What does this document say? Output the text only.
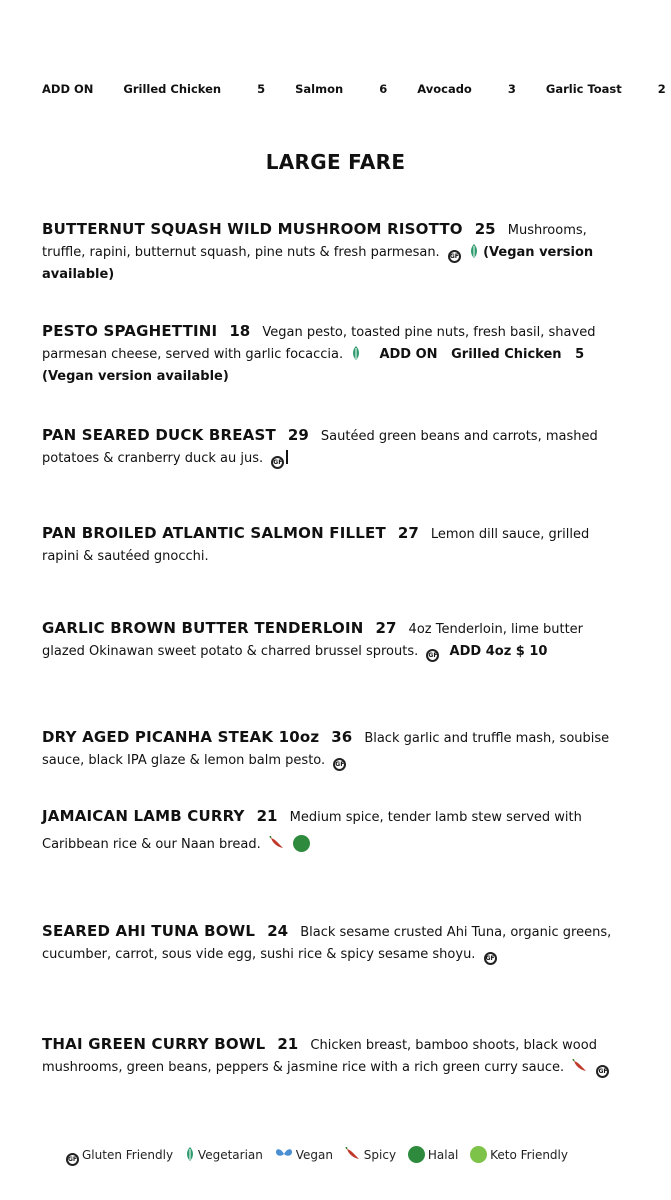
ADD ON	Grilled Chicken	5	Salmon	6	Avocado	3	Garlic Toast	2
LARGE FARE
BUTTERNUT SQUASH WILD MUSHROOM RISOTTO 25 Mushrooms, truffle, rapini, butternut squash, pine nuts & fresh parmesan. GF (Vegan version available)
PESTO SPAGHETTINI 18 Vegan pesto, toasted pine nuts, fresh basil, shaved parmesan cheese, served with garlic focaccia.	ADD ON   Grilled Chicken   5
(Vegan version available)
PAN SEARED DUCK BREAST 29 Sautéed green beans and carrots, mashed potatoes & cranberry duck au jus. GF
PAN BROILED ATLANTIC SALMON FILLET 27 Lemon dill sauce, grilled rapini & sautéed gnocchi.
GARLIC BROWN BUTTER TENDERLOIN 27 4oz Tenderloin, lime butter glazed Okinawan sweet potato & charred brussel sprouts. GF ADD 4oz $ 10
DRY AGED PICANHA STEAK 10oz 36 Black garlic and truffle mash, soubise sauce, black IPA glaze & lemon balm pesto. GF
JAMAICAN LAMB CURRY 21 Medium spice, tender lamb stew served with Caribbean rice & our Naan bread.
SEARED AHI TUNA BOWL 24 Black sesame crusted Ahi Tuna, organic greens, cucumber, carrot, sous vide egg, sushi rice & spicy sesame shoyu. GF
THAI GREEN CURRY BOWL 21 Chicken breast, bamboo shoots, black wood mushrooms, green beans, peppers & jasmine rice with a rich green curry sauce.	GF
GF Gluten Friendly Vegetarian	Vegan	Spicy	Halal	Keto Friendly
